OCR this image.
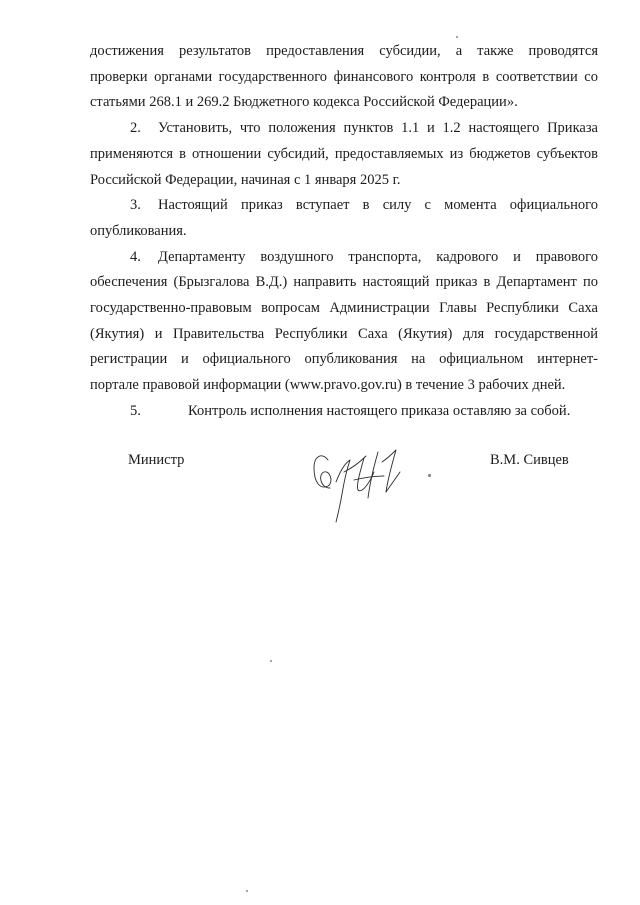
достижения результатов предоставления субсидии, а также проводятся
проверки органами государственного финансового контроля в соответствии со
статьями 268.1 и 269.2 Бюджетного кодекса Российской Федерации».
2. Установить, что положения пунктов 1.1 и 1.2 настоящего Приказа
применяются в отношении субсидий, предоставляемых из бюджетов субъектов
Российской Федерации, начиная с 1 января 2025 г.
3. Настоящий приказ вступает в силу с момента официального
опубликования.
4. Департаменту воздушного транспорта, кадрового и правового
обеспечения (Брызгалова В.Д.) направить настоящий приказ в Департамент по
государственно-правовым вопросам Администрации Главы Республики Саха
(Якутия) и Правительства Республики Саха (Якутия) для государственной
регистрации и официального опубликования на официальном интернет-
портале правовой информации (www.pravo.gov.ru) в течение 3 рабочих дней.
5.	Контроль исполнения настоящего приказа оставляю за собой.
Министр	В.М. Сивцев
